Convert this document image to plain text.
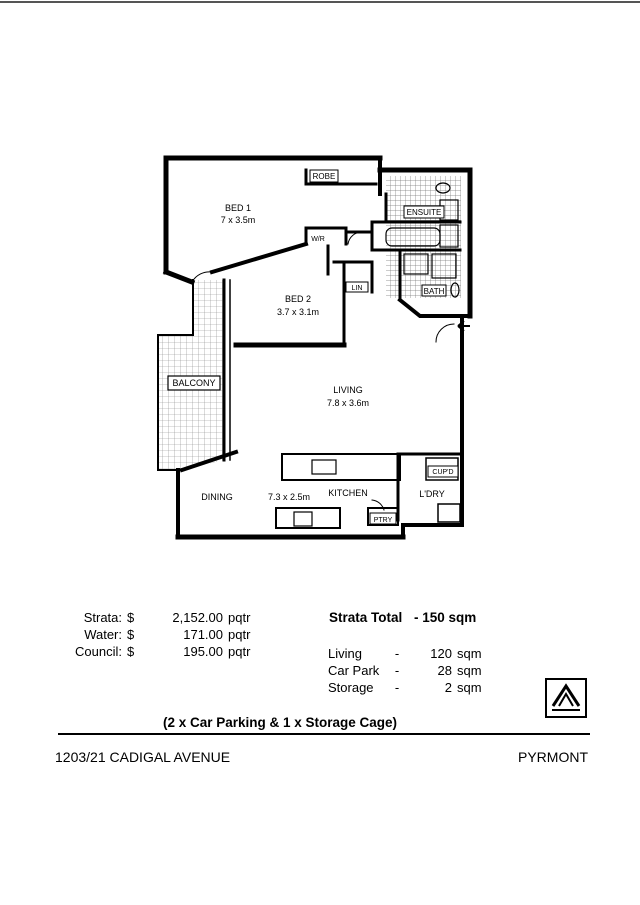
ROBE
ENSUITE
BATH
BALCONY
CUP'D
PTRY
W/R
LIN
BED 1
7 x 3.5m
BED 2
3.7 x 3.1m
LIVING
7.8 x 3.6m
DINING	7.3 x 2.5m KITCHEN	L'DRY
Strata: $	2,152.00 pqtr
Water: $	171.00 pqtr
Council: $	195.00 pqtr
Strata Total - 150 sqm
Living	-	120 sqm
Car Park	-	28 sqm
Storage	-	2 sqm
(2 x Car Parking & 1 x Storage Cage)
1203/21 CADIGAL AVENUE	PYRMONT
